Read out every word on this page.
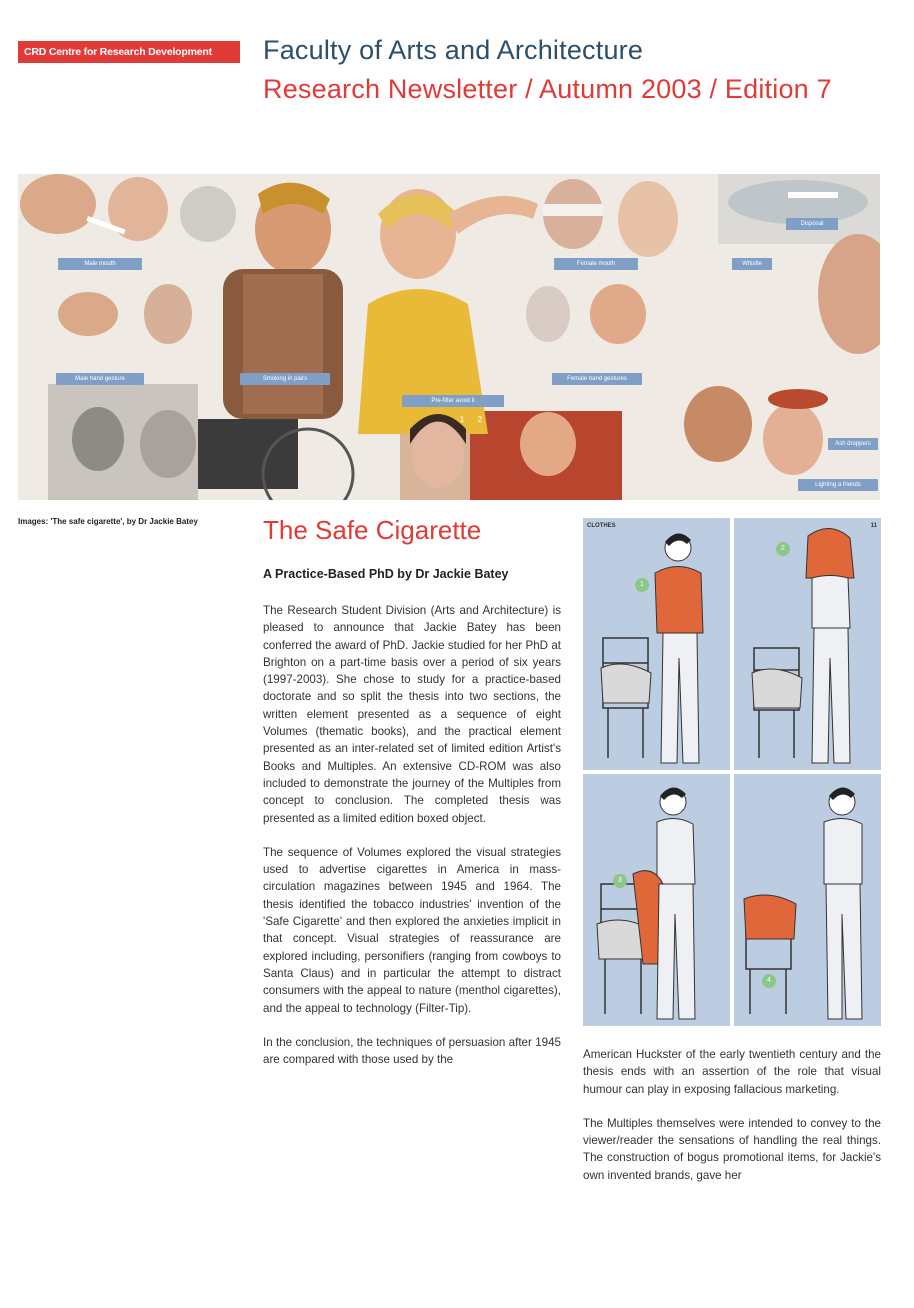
CRD Centre for Research Development	Faculty of Arts and Architecture
Research Newsletter / Autumn 2003 / Edition 7
Male mouth	Female mouth	Whistle
Disposal
Male hand gesture	Smoking in pairs	Female hand gestures
Pre-filter avoid it
1	2
Ash droppers
Lighting a friends
Images: 'The safe cigarette', by Dr Jackie Batey	The Safe Cigarette
A Practice-Based PhD by Dr Jackie Batey

The Research Student Division (Arts and Architecture) is pleased to announce that Jackie Batey has been conferred the award of PhD. Jackie studied for her PhD at Brighton on a part-time basis over a period of six years (1997-2003). She chose to study for a practice-based doctorate and so split the thesis into two sections, the written element presented as a sequence of eight Volumes (thematic books), and the practical element presented as an inter-related set of limited edition Artist's Books and Multiples. An extensive CD-ROM was also included to demonstrate the journey of the Multiples from concept to conclusion. The completed thesis was presented as a limited edition boxed object.

The sequence of Volumes explored the visual strategies used to advertise cigarettes in America in mass-circulation magazines between 1945 and 1964. The thesis identified the tobacco industries' invention of the 'Safe Cigarette' and then explored the anxieties implicit in that concept. Visual strategies of reassurance are explored including, personifiers (ranging from cowboys to Santa Claus) and in particular the attempt to distract consumers with the appeal to nature (menthol cigarettes), and the appeal to technology (Filter-Tip).

In the conclusion, the techniques of persuasion after 1945 are compared with those used by the	American Huckster of the early twentieth century and the thesis ends with an assertion of the role that visual humour can play in exposing fallacious marketing.

The Multiples themselves were intended to convey to the viewer/reader the sensations of handling the real things. The construction of bogus promotional items, for Jackie's own invented brands, gave her

CLOTHES
1
11
2
3
4
